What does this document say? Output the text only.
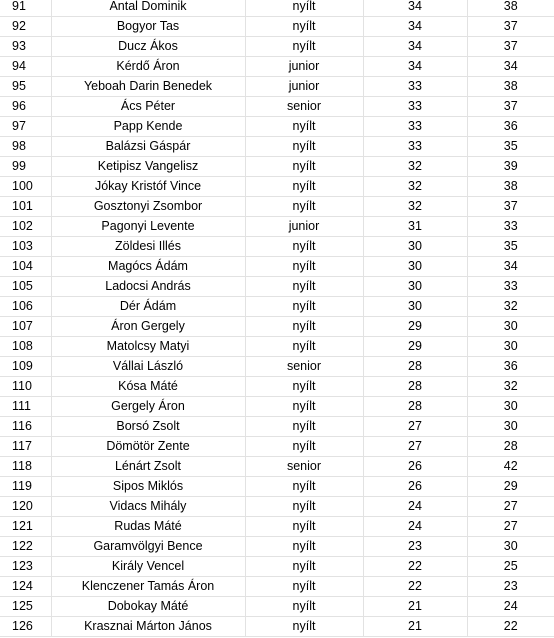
91	Antal Dominik	nyílt	34	38
92	Bogyor Tas	nyílt	34	37
93	Ducz Ákos	nyílt	34	37
94	Kérdő Áron	junior	34	34
95	Yeboah Darin Benedek	junior	33	38
96	Ács Péter	senior	33	37
97	Papp Kende	nyílt	33	36
98	Balázsi Gáspár	nyílt	33	35
99	Ketipisz Vangelisz	nyílt	32	39
100	Jókay Kristóf Vince	nyílt	32	38
101	Gosztonyi Zsombor	nyílt	32	37
102	Pagonyi Levente	junior	31	33
103	Zöldesi Illés	nyílt	30	35
104	Magócs Ádám	nyílt	30	34
105	Ladocsi András	nyílt	30	33
106	Dér Ádám	nyílt	30	32
107	Áron Gergely	nyílt	29	30
108	Matolcsy Matyi	nyílt	29	30
109	Vállai László	senior	28	36
110	Kósa Máté	nyílt	28	32
111	Gergely Áron	nyílt	28	30
116	Borsó Zsolt	nyílt	27	30
117	Dömötör Zente	nyílt	27	28
118	Lénárt Zsolt	senior	26	42
119	Sipos Miklós	nyílt	26	29
120	Vidacs Mihály	nyílt	24	27
121	Rudas Máté	nyílt	24	27
122	Garamvölgyi Bence	nyílt	23	30
123	Király Vencel	nyílt	22	25
124	Klenczener Tamás Áron	nyílt	22	23
125	Dobokay Máté	nyílt	21	24
126	Krasznai Márton János	nyílt	21	22
